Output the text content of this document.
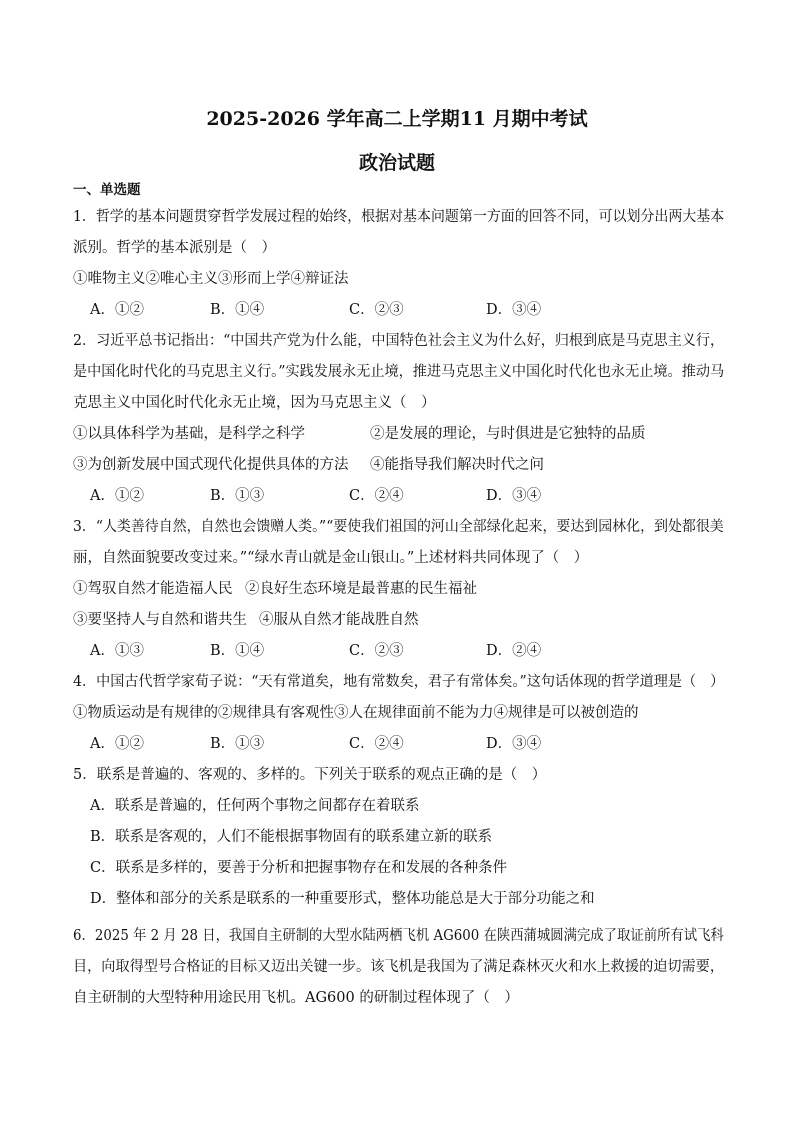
2025-2026 学年高二上学期11 月期中考试
政治试题
一、单选题
1．哲学的基本问题贯穿哲学发展过程的始终，根据对基本问题第一方面的回答不同，可以划分出两大基本
派别。哲学的基本派别是（　）
①唯物主义②唯心主义③形而上学④辩证法
A．①②	B．①④	C．②③	D．③④
2．习近平总书记指出：“中国共产党为什么能，中国特色社会主义为什么好，归根到底是马克思主义行，
是中国化时代化的马克思主义行。”实践发展永无止境，推进马克思主义中国化时代化也永无止境。推动马
克思主义中国化时代化永无止境，因为马克思主义（　）
①以具体科学为基础，是科学之科学	②是发展的理论，与时俱进是它独特的品质
③为创新发展中国式现代化提供具体的方法 ④能指导我们解决时代之问
A．①②	B．①③	C．②④	D．③④
3．“人类善待自然，自然也会馈赠人类。”“要使我们祖国的河山全部绿化起来，要达到园林化，到处都很美
丽，自然面貌要改变过来。”“绿水青山就是金山银山。”上述材料共同体现了（　）
①驾驭自然才能造福人民 ②良好生态环境是最普惠的民生福祉
③要坚持人与自然和谐共生 ④服从自然才能战胜自然
A．①③	B．①④	C．②③	D．②④
4．中国古代哲学家荀子说：“天有常道矣，地有常数矣，君子有常体矣。”这句话体现的哲学道理是（　）
①物质运动是有规律的②规律具有客观性③人在规律面前不能为力④规律是可以被创造的
A．①②	B．①③	C．②④	D．③④
5．联系是普遍的、客观的、多样的。下列关于联系的观点正确的是（　）
A．联系是普遍的，任何两个事物之间都存在着联系
B．联系是客观的，人们不能根据事物固有的联系建立新的联系
C．联系是多样的，要善于分析和把握事物存在和发展的各种条件
D．整体和部分的关系是联系的一种重要形式，整体功能总是大于部分功能之和
6．2025 年 2 月 28 日，我国自主研制的大型水陆两栖飞机 AG600 在陕西蒲城圆满完成了取证前所有试飞科
目，向取得型号合格证的目标又迈出关键一步。该飞机是我国为了满足森林灭火和水上救援的迫切需要，
自主研制的大型特种用途民用飞机。AG600 的研制过程体现了（　）
